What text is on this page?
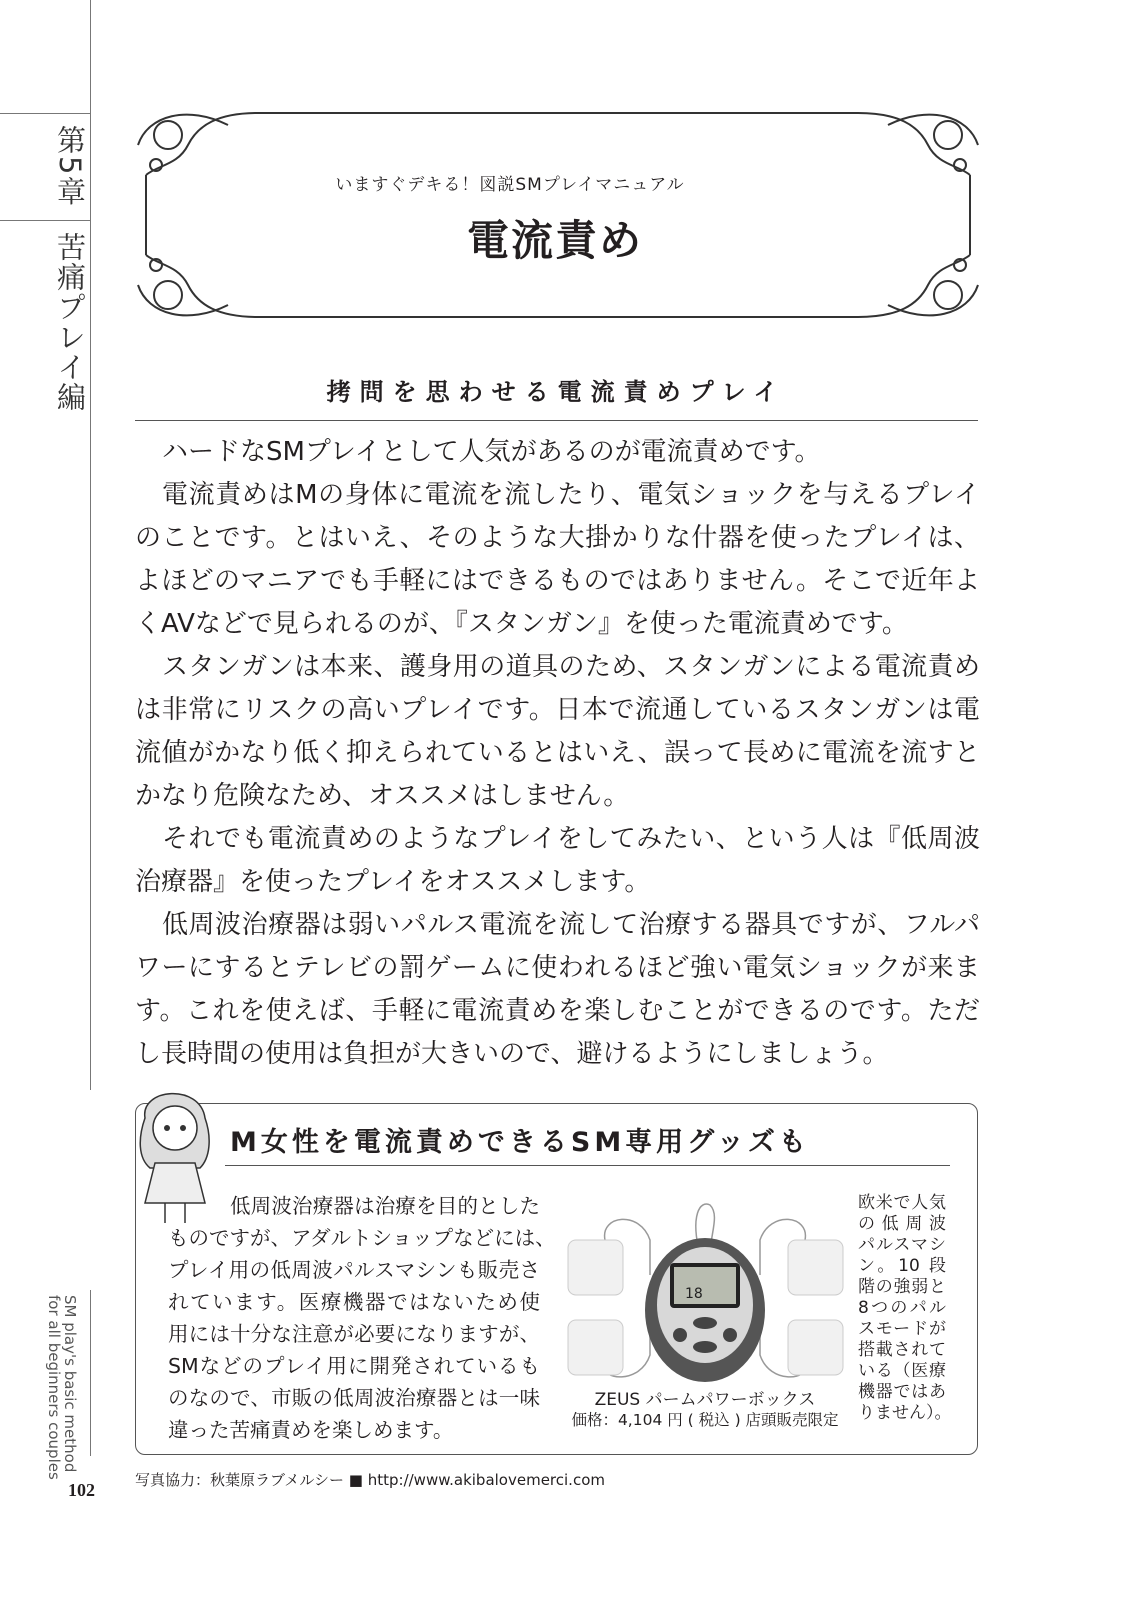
第5章
苦痛プレイ編
SM play's basic method
for all beginners couples
102
いますぐデキる！図説SMプレイマニュアル
電流責め
拷問を思わせる電流責めプレイ
ハードなSMプレイとして人気があるのが電流責めです。
電流責めはMの身体に電流を流したり、電気ショックを与えるプレイ
のことです。とはいえ、そのような大掛かりな什器を使ったプレイは、
よほどのマニアでも手軽にはできるものではありません。そこで近年よ
くAVなどで見られるのが、『スタンガン』を使った電流責めです。
スタンガンは本来、護身用の道具のため、スタンガンによる電流責め
は非常にリスクの高いプレイです。日本で流通しているスタンガンは電
流値がかなり低く抑えられているとはいえ、誤って長めに電流を流すと
かなり危険なため、オススメはしません。
それでも電流責めのようなプレイをしてみたい、という人は『低周波
治療器』を使ったプレイをオススメします。
低周波治療器は弱いパルス電流を流して治療する器具ですが、フルパ
ワーにするとテレビの罰ゲームに使われるほど強い電気ショックが来ま
す。これを使えば、手軽に電流責めを楽しむことができるのです。ただ
し長時間の使用は負担が大きいので、避けるようにしましょう。
M女性を電流責めできるSM専用グッズも
低周波治療器は治療を目的とした
ものですが、アダルトショップなどには、
プレイ用の低周波パルスマシンも販売さ
れています。医療機器ではないため使
用には十分な注意が必要になりますが、
SMなどのプレイ用に開発されているも
のなので、市販の低周波治療器とは一味
違った苦痛責めを楽しめます。
18
ZEUS パームパワーボックス
価格：4,104 円 ( 税込 ) 店頭販売限定
欧米で人気
の低周波
パルスマシ
ン。10 段
階の強弱と
8つのパル
スモードが
搭載されて
いる（医療
機器ではあ
りません）。
写真協力：秋葉原ラブメルシー ■ http://www.akibalovemerci.com
